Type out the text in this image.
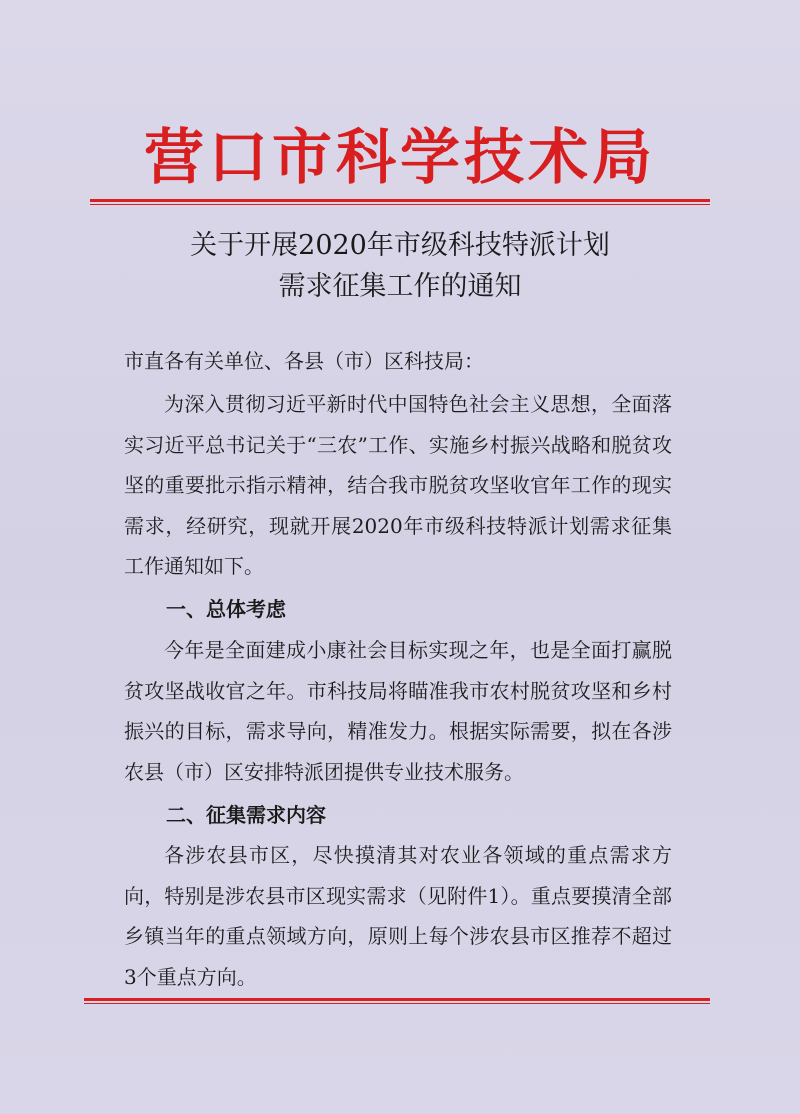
营口市科学技术局
关于开展2020年市级科技特派计划
需求征集工作的通知
市直各有关单位、各县（市）区科技局：
为深入贯彻习近平新时代中国特色社会主义思想，全面落实习近平总书记关于“三农”工作、实施乡村振兴战略和脱贫攻坚的重要批示指示精神，结合我市脱贫攻坚收官年工作的现实需求，经研究，现就开展2020年市级科技特派计划需求征集工作通知如下。
一、总体考虑
今年是全面建成小康社会目标实现之年，也是全面打赢脱 贫攻坚战收官之年。市科技局将瞄准我市农村脱贫攻坚和乡村振兴的目标，需求导向，精准发力。根据实际需要，拟在各涉农县（市）区安排特派团提供专业技术服务。
二、征集需求内容
各涉农县市区，尽快摸清其对农业各领域的重点需求方向，特别是涉农县市区现实需求（见附件1）。重点要摸清全部乡镇当年的重点领域方向，原则上每个涉农县市区推荐不超过3个重点方向。
